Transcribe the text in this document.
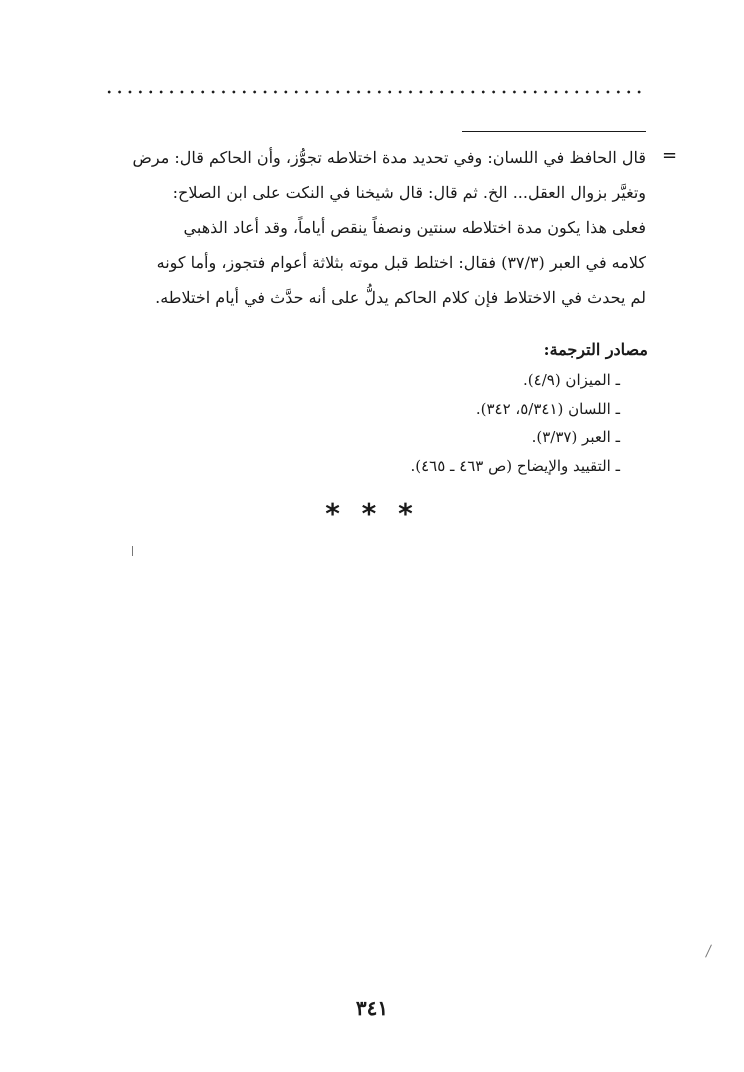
=
قال الحافظ في اللسان: وفي تحديد مدة اختلاطه تجوُّز، وأن الحاكم قال: مرض
وتغيَّر بزوال العقل... الخ. ثم قال: قال شيخنا في النكت على ابن الصلاح:
فعلى هذا يكون مدة اختلاطه سنتين ونصفاً ينقص أياماً، وقد أعاد الذهبي
كلامه في العبر (٣٧/٣) فقال: اختلط قبل موته بثلاثة أعوام فتجوز، وأما كونه
لم يحدث في الاختلاط فإن كلام الحاكم يدلُّ على أنه حدَّث في أيام اختلاطه.
مصادر الترجمة:
ـ الميزان (٤/٩).
ـ اللسان (٥/٣٤١، ٣٤٢).
ـ العبر (٣/٣٧).
ـ التقييد والإيضاح (ص ٤٦٣ ـ ٤٦٥).
* * *
٣٤١
